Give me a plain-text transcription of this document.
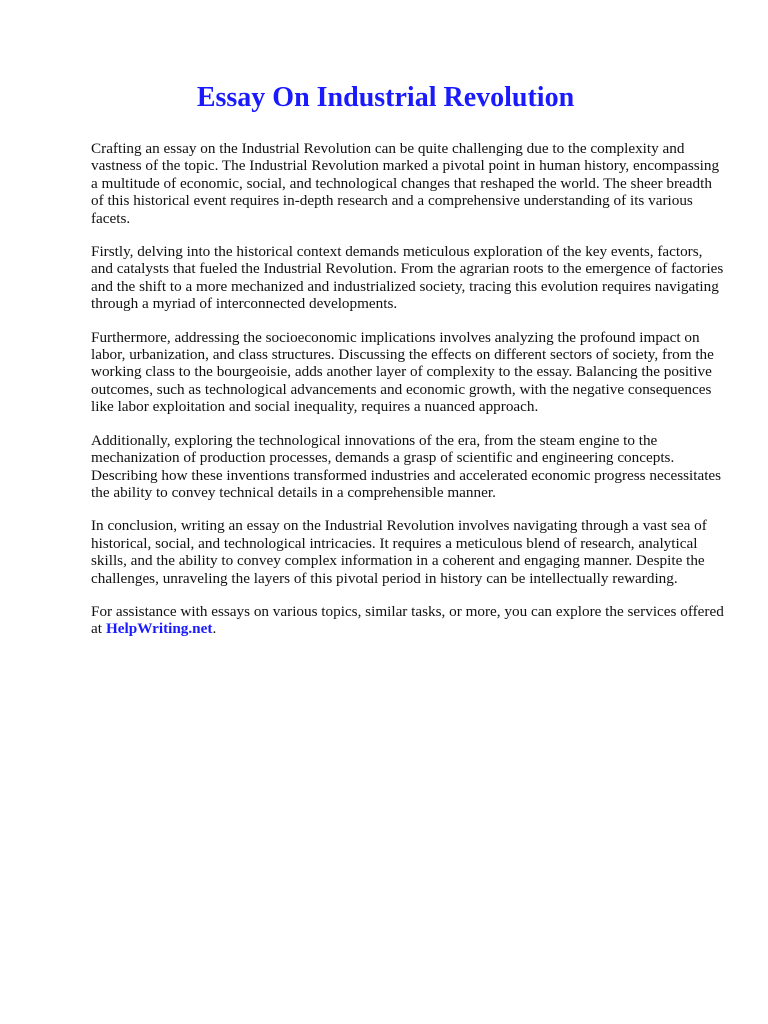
Essay On Industrial Revolution

Crafting an essay on the Industrial Revolution can be quite challenging due to the complexity and vastness of the topic. The Industrial Revolution marked a pivotal point in human history, encompassing a multitude of economic, social, and technological changes that reshaped the world. The sheer breadth of this historical event requires in-depth research and a comprehensive understanding of its various facets.

Firstly, delving into the historical context demands meticulous exploration of the key events, factors, and catalysts that fueled the Industrial Revolution. From the agrarian roots to the emergence of factories and the shift to a more mechanized and industrialized society, tracing this evolution requires navigating through a myriad of interconnected developments.

Furthermore, addressing the socioeconomic implications involves analyzing the profound impact on labor, urbanization, and class structures. Discussing the effects on different sectors of society, from the working class to the bourgeoisie, adds another layer of complexity to the essay. Balancing the positive outcomes, such as technological advancements and economic growth, with the negative consequences like labor exploitation and social inequality, requires a nuanced approach.

Additionally, exploring the technological innovations of the era, from the steam engine to the mechanization of production processes, demands a grasp of scientific and engineering concepts. Describing how these inventions transformed industries and accelerated economic progress necessitates the ability to convey technical details in a comprehensible manner.

In conclusion, writing an essay on the Industrial Revolution involves navigating through a vast sea of historical, social, and technological intricacies. It requires a meticulous blend of research, analytical skills, and the ability to convey complex information in a coherent and engaging manner. Despite the challenges, unraveling the layers of this pivotal period in history can be intellectually rewarding.

For assistance with essays on various topics, similar tasks, or more, you can explore the services offered at HelpWriting.net.
